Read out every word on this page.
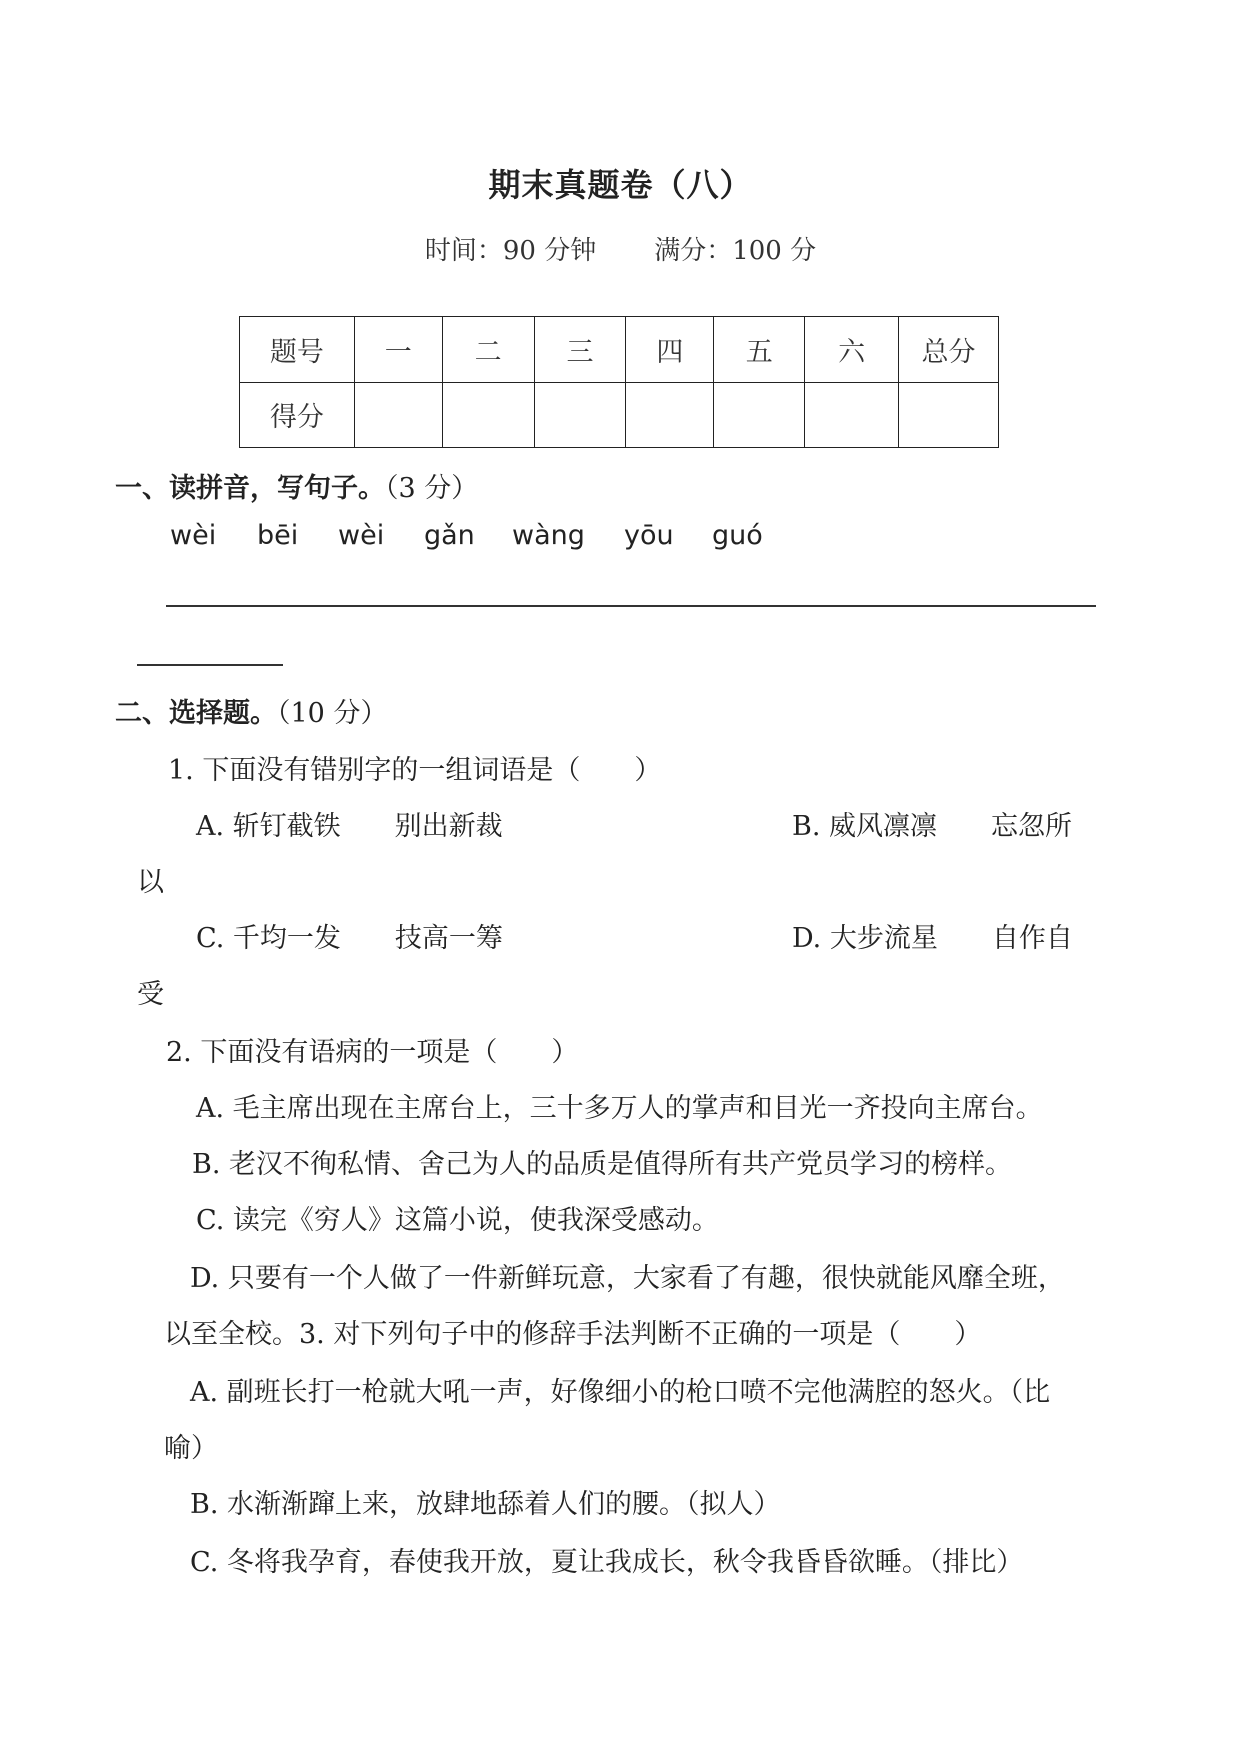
期末真题卷（八）
时间：90 分钟 满分：100 分
题号	一	二	三	四	五	六	总分
得分							
一、读拼音，写句子。（3 分）
wèi bēi wèi gǎn wàng yōu guó
二、选择题。（10 分）
1. 下面没有错别字的一组词语是（　　）
A. 斩钉截铁　　别出新裁	B. 威风凛凛　　忘忽所
以
C. 千均一发　　技高一筹	D. 大步流星　　自作自
受
2. 下面没有语病的一项是（　　）
A. 毛主席出现在主席台上，三十多万人的掌声和目光一齐投向主席台。
B. 老汉不徇私情、舍己为人的品质是值得所有共产党员学习的榜样。
C. 读完《穷人》这篇小说，使我深受感动。
D. 只要有一个人做了一件新鲜玩意，大家看了有趣，很快就能风靡全班，
以至全校。3. 对下列句子中的修辞手法判断不正确的一项是（　　）
A. 副班长打一枪就大吼一声，好像细小的枪口喷不完他满腔的怒火。（比
喻）
B. 水渐渐蹿上来，放肆地舔着人们的腰。（拟人）
C. 冬将我孕育，春使我开放，夏让我成长，秋令我昏昏欲睡。（排比）
